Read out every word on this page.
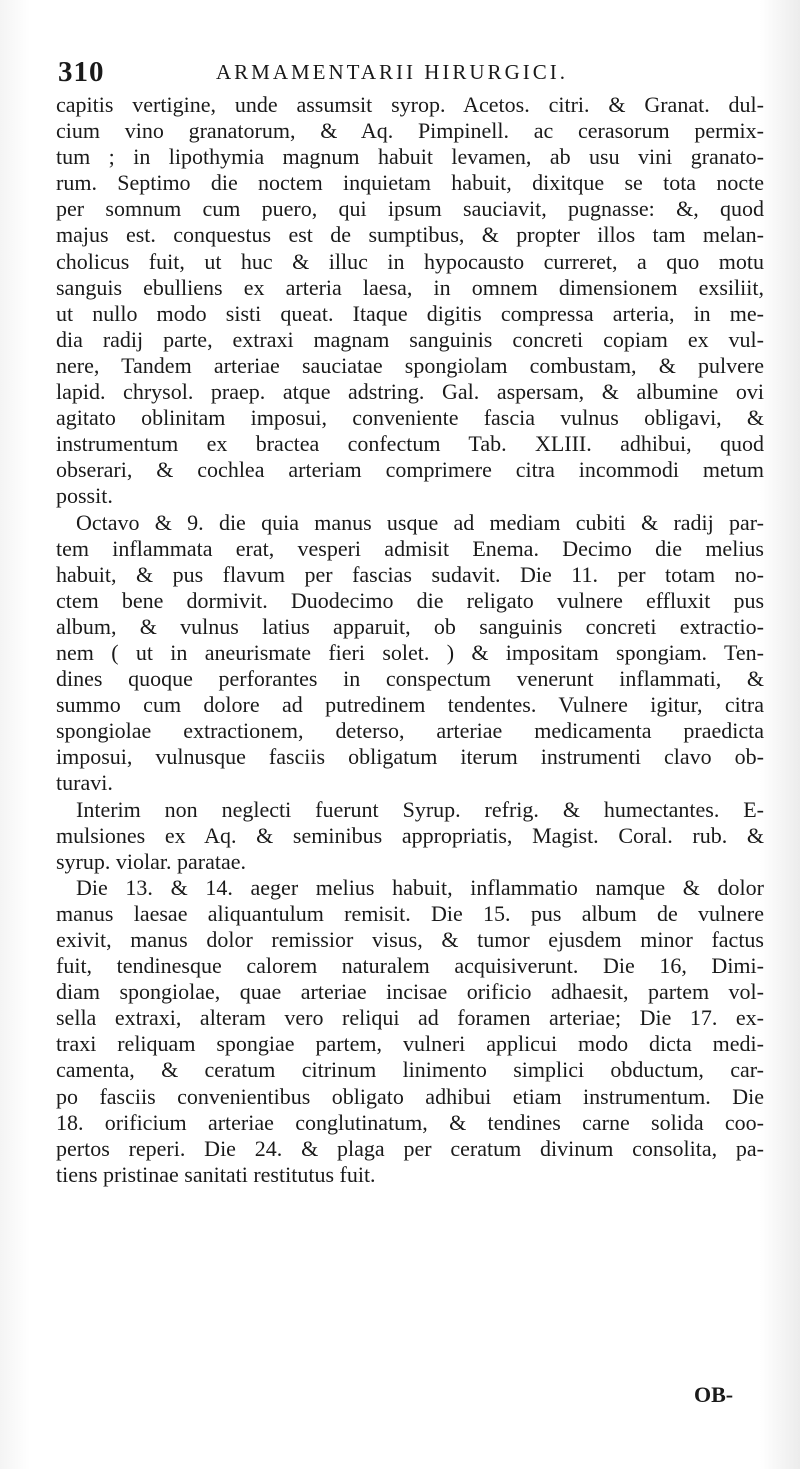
310	ARMAMENTARII HIRURGICI.
capitis vertigine, unde assumsit syrop. Acetos. citri. & Granat. dul-
cium vino granatorum, & Aq. Pimpinell. ac cerasorum permix-
tum ; in lipothymia magnum habuit levamen, ab usu vini granato-
rum. Septimo die noctem inquietam habuit, dixitque se tota nocte
per somnum cum puero, qui ipsum sauciavit, pugnasse: &, quod
majus est. conquestus est de sumptibus, & propter illos tam melan-
cholicus fuit, ut huc & illuc in hypocausto curreret, a quo motu
sanguis ebulliens ex arteria laesa, in omnem dimensionem exsiliit,
ut nullo modo sisti queat. Itaque digitis compressa arteria, in me-
dia radij parte, extraxi magnam sanguinis concreti copiam ex vul-
nere, Tandem arteriae sauciatae spongiolam combustam, & pulvere
lapid. chrysol. praep. atque adstring. Gal. aspersam, & albumine ovi
agitato oblinitam imposui, conveniente fascia vulnus obligavi, &
instrumentum ex bractea confectum Tab. XLIII. adhibui, quod
obserari, & cochlea arteriam comprimere citra incommodi metum
possit.
Octavo & 9. die quia manus usque ad mediam cubiti & radij par-
tem inflammata erat, vesperi admisit Enema. Decimo die melius
habuit, & pus flavum per fascias sudavit. Die 11. per totam no-
ctem bene dormivit. Duodecimo die religato vulnere effluxit pus
album, & vulnus latius apparuit, ob sanguinis concreti extractio-
nem ( ut in aneurismate fieri solet. ) & impositam spongiam. Ten-
dines quoque perforantes in conspectum venerunt inflammati, &
summo cum dolore ad putredinem tendentes. Vulnere igitur, citra
spongiolae extractionem, deterso, arteriae medicamenta praedicta
imposui, vulnusque fasciis obligatum iterum instrumenti clavo ob-
turavi.
Interim non neglecti fuerunt Syrup. refrig. & humectantes. E-
mulsiones ex Aq. & seminibus appropriatis, Magist. Coral. rub. &
syrup. violar. paratae.
Die 13. & 14. aeger melius habuit, inflammatio namque & dolor
manus laesae aliquantulum remisit. Die 15. pus album de vulnere
exivit, manus dolor remissior visus, & tumor ejusdem minor factus
fuit, tendinesque calorem naturalem acquisiverunt. Die 16, Dimi-
diam spongiolae, quae arteriae incisae orificio adhaesit, partem vol-
sella extraxi, alteram vero reliqui ad foramen arteriae; Die 17. ex-
traxi reliquam spongiae partem, vulneri applicui modo dicta medi-
camenta, & ceratum citrinum linimento simplici obductum, car-
po fasciis convenientibus obligato adhibui etiam instrumentum. Die
18. orificium arteriae conglutinatum, & tendines carne solida coo-
pertos reperi. Die 24. & plaga per ceratum divinum consolita, pa-
tiens pristinae sanitati restitutus fuit.
OB-
